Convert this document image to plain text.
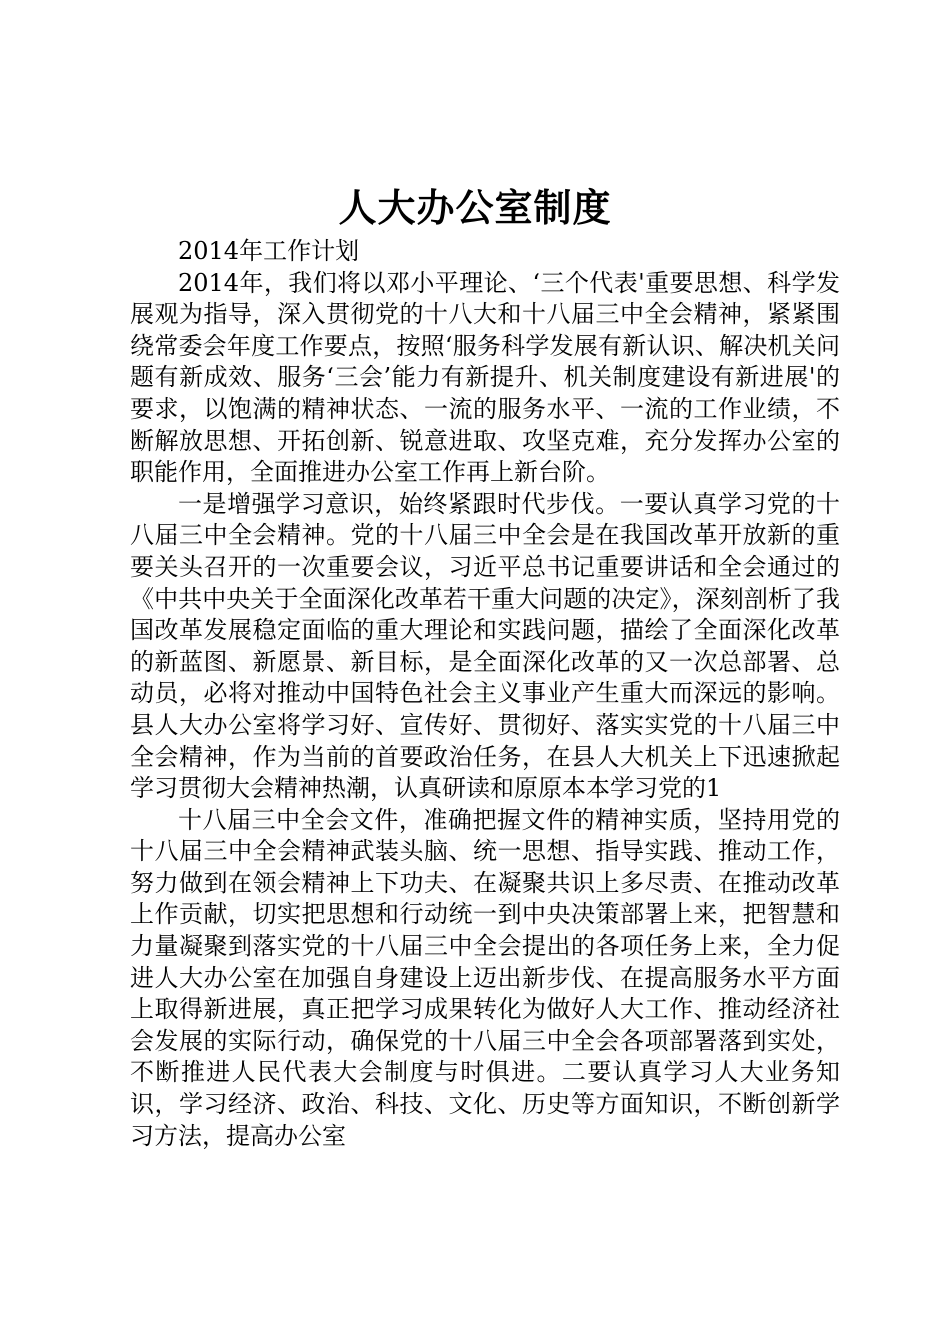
人大办公室制度

2014年工作计划

2014年，我们将以邓小平理论、‘三个代表'重要思想、科学发展观为指导，深入贯彻党的十八大和十八届三中全会精神，紧紧围绕常委会年度工作要点，按照‘服务科学发展有新认识、解决机关问题有新成效、服务‘三会’能力有新提升、机关制度建设有新进展'的要求，以饱满的精神状态、一流的服务水平、一流的工作业绩，不断解放思想、开拓创新、锐意进取、攻坚克难，充分发挥办公室的职能作用，全面推进办公室工作再上新台阶。

一是增强学习意识，始终紧跟时代步伐。一要认真学习党的十八届三中全会精神。党的十八届三中全会是在我国改革开放新的重要关头召开的一次重要会议，习近平总书记重要讲话和全会通过的《中共中央关于全面深化改革若干重大问题的决定》，深刻剖析了我国改革发展稳定面临的重大理论和实践问题，描绘了全面深化改革的新蓝图、新愿景、新目标，是全面深化改革的又一次总部署、总动员，必将对推动中国特色社会主义事业产生重大而深远的影响。县人大办公室将学习好、宣传好、贯彻好、落实实党的十八届三中全会精神，作为当前的首要政治任务，在县人大机关上下迅速掀起学习贯彻大会精神热潮，认真研读和原原本本学习党的1

十八届三中全会文件，准确把握文件的精神实质，坚持用党的十八届三中全会精神武装头脑、统一思想、指导实践、推动工作，努力做到在领会精神上下功夫、在凝聚共识上多尽责、在推动改革上作贡献，切实把思想和行动统一到中央决策部署上来，把智慧和力量凝聚到落实党的十八届三中全会提出的各项任务上来，全力促进人大办公室在加强自身建设上迈出新步伐、在提高服务水平方面上取得新进展，真正把学习成果转化为做好人大工作、推动经济社会发展的实际行动，确保党的十八届三中全会各项部署落到实处，不断推进人民代表大会制度与时俱进。二要认真学习人大业务知识，学习经济、政治、科技、文化、历史等方面知识，不断创新学习方法，提高办公室
